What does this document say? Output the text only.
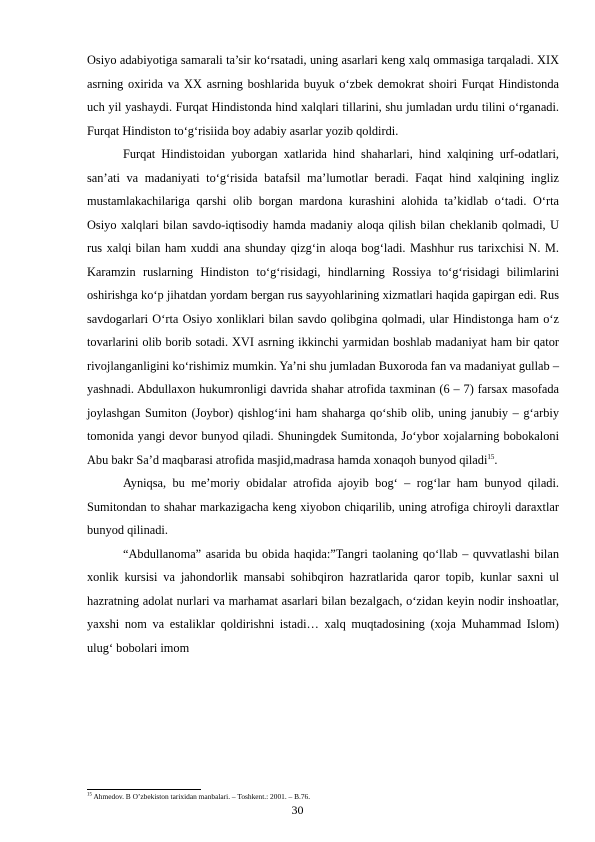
Osiyo adabiyotiga samarali ta’sir ko‘rsatadi, uning asarlari keng xalq ommasiga tarqaladi. XIX asrning oxirida va XX asrning boshlarida buyuk o‘zbek demokrat shoiri Furqat Hindistonda uch yil yashaydi. Furqat Hindistonda hind xalqlari tillarini, shu jumladan urdu tilini o‘rganadi. Furqat Hindiston to‘g‘risiida boy adabiy asarlar yozib qoldirdi.

Furqat Hindistoidan yuborgan xatlarida hind shaharlari, hind xalqining urf-odatlari, san’ati va madaniyati to‘g‘risida batafsil ma’lumotlar beradi. Faqat hind xalqining ingliz mustamlakachilariga qarshi olib borgan mardona kurashini alohida ta’kidlab o‘tadi. O‘rta Osiyo xalqlari bilan savdo-iqtisodiy hamda madaniy aloqa qilish bilan cheklanib qolmadi, U rus xalqi bilan ham xuddi ana shunday qizg‘in aloqa bog‘ladi. Mashhur rus tarixchisi N. M. Karamzin ruslarning Hindiston to‘g‘risidagi, hindlarning Rossiya to‘g‘risidagi bilimlarini oshirishga ko‘p jihatdan yordam bergan rus sayyohlarining xizmatlari haqida gapirgan edi. Rus savdogarlari O‘rta Osiyo xonliklari bilan savdo qolibgina qolmadi, ular Hindistonga ham o‘z tovarlarini olib borib sotadi. XVI asrning ikkinchi yarmidan boshlab madaniyat ham bir qator rivojlanganligini ko‘rishimiz mumkin. Ya’ni shu jumladan Buxoroda fan va madaniyat gullab – yashnadi. Abdullaxon hukumronligi davrida shahar atrofida taxminan (6 – 7) farsax masofada joylashgan Sumiton (Joybor) qishlog‘ini ham shaharga qo‘shib olib, uning janubiy – g‘arbiy tomonida yangi devor bunyod qiladi. Shuningdek Sumitonda, Jo‘ybor xojalarning bobokaloni Abu bakr Sa’d maqbarasi atrofida masjid,madrasa hamda xonaqoh bunyod qiladi$^{15}$.

Ayniqsa, bu me’moriy obidalar atrofida ajoyib bog‘ – rog‘lar ham bunyod qiladi. Sumitondan to shahar markazigacha keng xiyobon chiqarilib, uning atrofiga chiroyli daraxtlar bunyod qilinadi.

“Abdullanoma” asarida bu obida haqida:”Tangri taolaning qo‘llab – quvvatlashi bilan xonlik kursisi va jahondorlik mansabi sohibqiron hazratlarida qaror topib, kunlar saxni ul hazratning adolat nurlari va marhamat asarlari bilan bezalgach, o‘zidan keyin nodir inshoatlar, yaxshi nom va estaliklar qoldirishni istadi… xalq muqtadosining (xoja Muhammad Islom) ulug‘ bobolari imom

$^{15}$ Ahmedov. B O’zbekiston tarixidan manbalari. – Toshkent.: 2001. – B.76.
30
